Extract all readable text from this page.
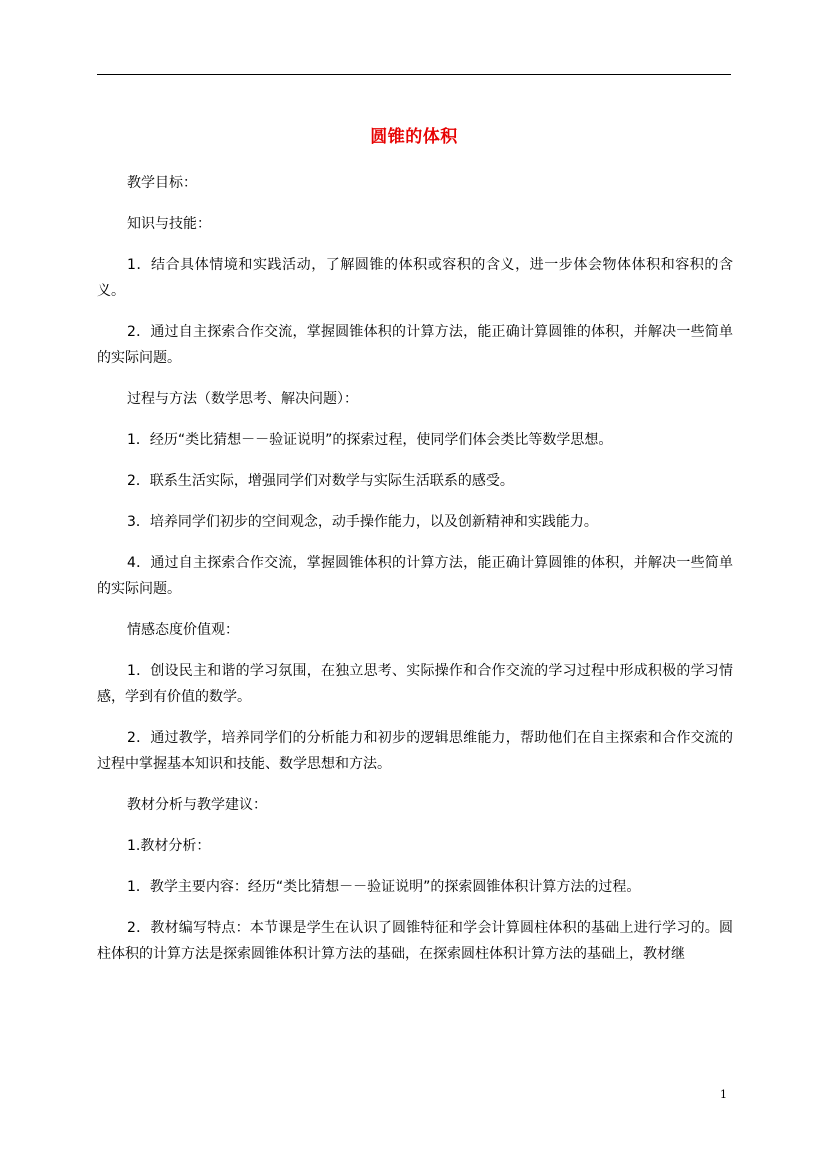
圆锥的体积

教学目标：

知识与技能：

1．结合具体情境和实践活动，了解圆锥的体积或容积的含义，进一步体会物体体积和容积的含义。

2．通过自主探索合作交流，掌握圆锥体积的计算方法，能正确计算圆锥的体积，并解决一些简单的实际问题。

过程与方法（数学思考、解决问题）：

1．经历“类比猜想－－验证说明”的探索过程，使同学们体会类比等数学思想。

2．联系生活实际，增强同学们对数学与实际生活联系的感受。

3．培养同学们初步的空间观念，动手操作能力，以及创新精神和实践能力。

4．通过自主探索合作交流，掌握圆锥体积的计算方法，能正确计算圆锥的体积，并解决一些简单的实际问题。

情感态度价值观：

1．创设民主和谐的学习氛围，在独立思考、实际操作和合作交流的学习过程中形成积极的学习情感，学到有价值的数学。

2．通过教学，培养同学们的分析能力和初步的逻辑思维能力，帮助他们在自主探索和合作交流的过程中掌握基本知识和技能、数学思想和方法。

教材分析与教学建议：

1.教材分析：

1．教学主要内容：经历“类比猜想－－验证说明”的探索圆锥体积计算方法的过程。

2．教材编写特点：本节课是学生在认识了圆锥特征和学会计算圆柱体积的基础上进行学习的。圆柱体积的计算方法是探索圆锥体积计算方法的基础，在探索圆柱体积计算方法的基础上，教材继

1
